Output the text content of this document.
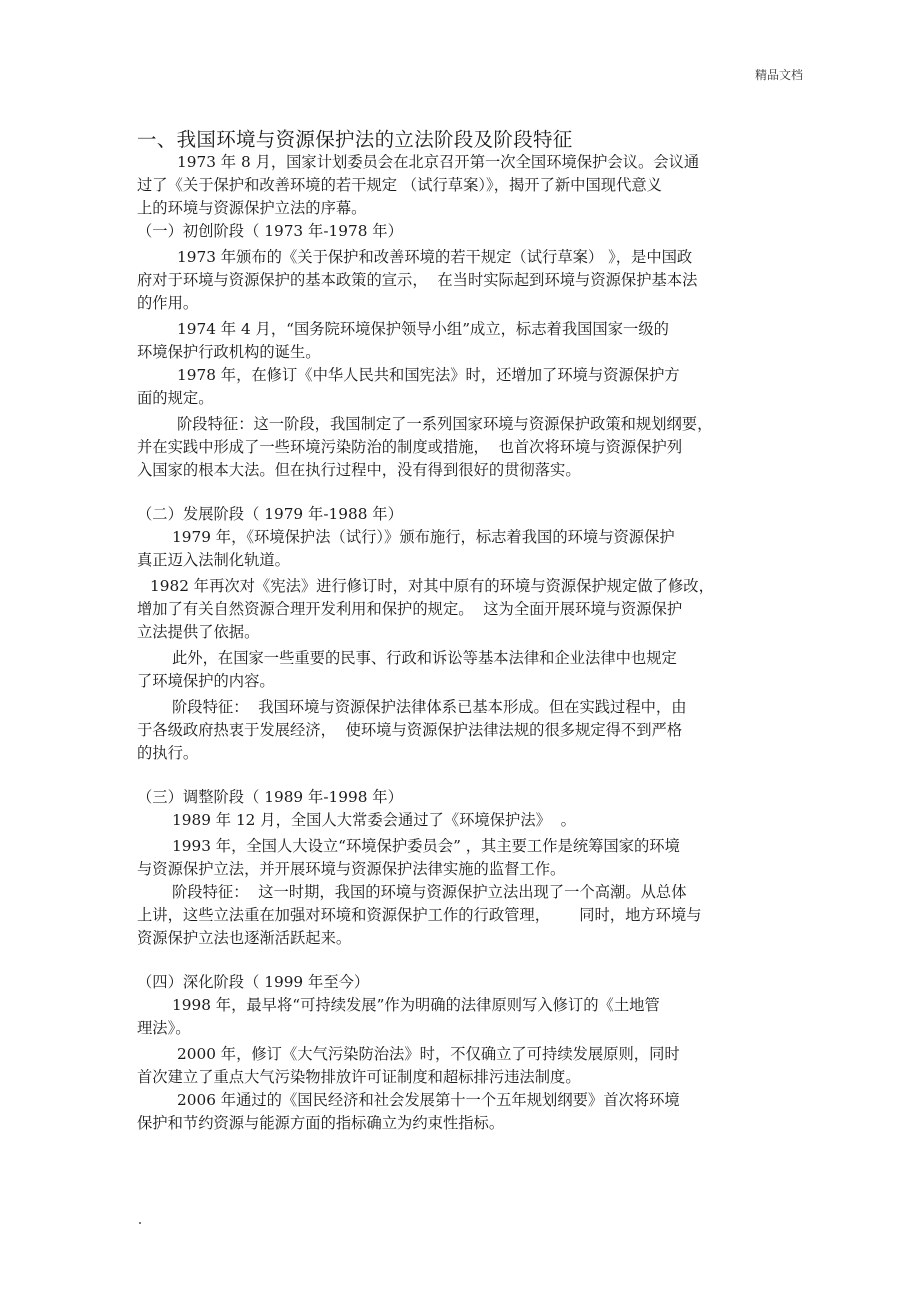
精品文档
一、我国环境与资源保护法的立法阶段及阶段特征
1973 年 8 月，国家计划委员会在北京召开第一次全国环境保护会议。会议通
过了《关于保护和改善环境的若干规定 （试行草案）》，揭开了新中国现代意义
上的环境与资源保护立法的序幕。
（一）初创阶段（ 1973 年-1978 年）
1973 年颁布的《关于保护和改善环境的若干规定（试行草案） 》，是中国政
府对于环境与资源保护的基本政策的宣示，  在当时实际起到环境与资源保护基本法
的作用。
1974 年 4 月，“国务院环境保护领导小组”成立，标志着我国国家一级的
环境保护行政机构的诞生。
1978 年，在修订《中华人民共和国宪法》时，还增加了环境与资源保护方
面的规定。
阶段特征：这一阶段，我国制定了一系列国家环境与资源保护政策和规划纲要，
并在实践中形成了一些环境污染防治的制度或措施，  也首次将环境与资源保护列
入国家的根本大法。但在执行过程中，没有得到很好的贯彻落实。
（二）发展阶段（ 1979 年-1988 年）
1979 年，《环境保护法（试行）》颁布施行，标志着我国的环境与资源保护
真正迈入法制化轨道。
1982 年再次对《宪法》进行修订时，对其中原有的环境与资源保护规定做了修改，
增加了有关自然资源合理开发利用和保护的规定。  这为全面开展环境与资源保护
立法提供了依据。
此外，在国家一些重要的民事、行政和诉讼等基本法律和企业法律中也规定
了环境保护的内容。
阶段特征：  我国环境与资源保护法律体系已基本形成。但在实践过程中，由
于各级政府热衷于发展经济，  使环境与资源保护法律法规的很多规定得不到严格
的执行。
（三）调整阶段（ 1989 年-1998 年）
1989 年 12 月，全国人大常委会通过了《环境保护法》  。
1993 年，全国人大设立“环境保护委员会” ，其主要工作是统筹国家的环境
与资源保护立法，并开展环境与资源保护法律实施的监督工作。
阶段特征：  这一时期，我国的环境与资源保护立法出现了一个高潮。从总体
上讲，这些立法重在加强对环境和资源保护工作的行政管理，      同时，地方环境与
资源保护立法也逐渐活跃起来。
（四）深化阶段（ 1999 年至今）
1998 年，最早将“可持续发展”作为明确的法律原则写入修订的《土地管
理法》。
2000 年，修订《大气污染防治法》时，不仅确立了可持续发展原则，同时
首次建立了重点大气污染物排放许可证制度和超标排污违法制度。
2006 年通过的《国民经济和社会发展第十一个五年规划纲要》首次将环境
保护和节约资源与能源方面的指标确立为约束性指标。
